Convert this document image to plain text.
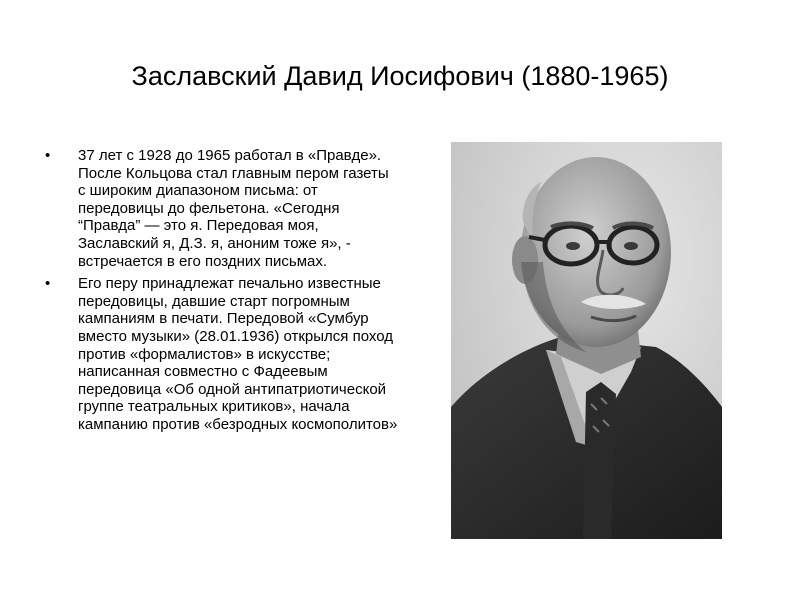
Заславский Давид Иосифович (1880-1965)
• 37 лет с 1928 до 1965 работал в «Правде». После Кольцова стал главным пером газеты с широким диапазоном письма: от передовицы до фельетона. «Сегодня “Правда” — это я. Передовая моя, Заславский я, Д.З. я, аноним тоже я», - встречается в его поздних письмах.
• Его перу принадлежат печально известные передовицы, давшие старт погромным кампаниям в печати. Передовой «Сумбур вместо музыки» (28.01.1936) открылся поход против «формалистов» в искусстве; написанная совместно с Фадеевым передовица «Об одной антипатриотической группе театральных критиков», начала кампанию против «безродных космополитов»
